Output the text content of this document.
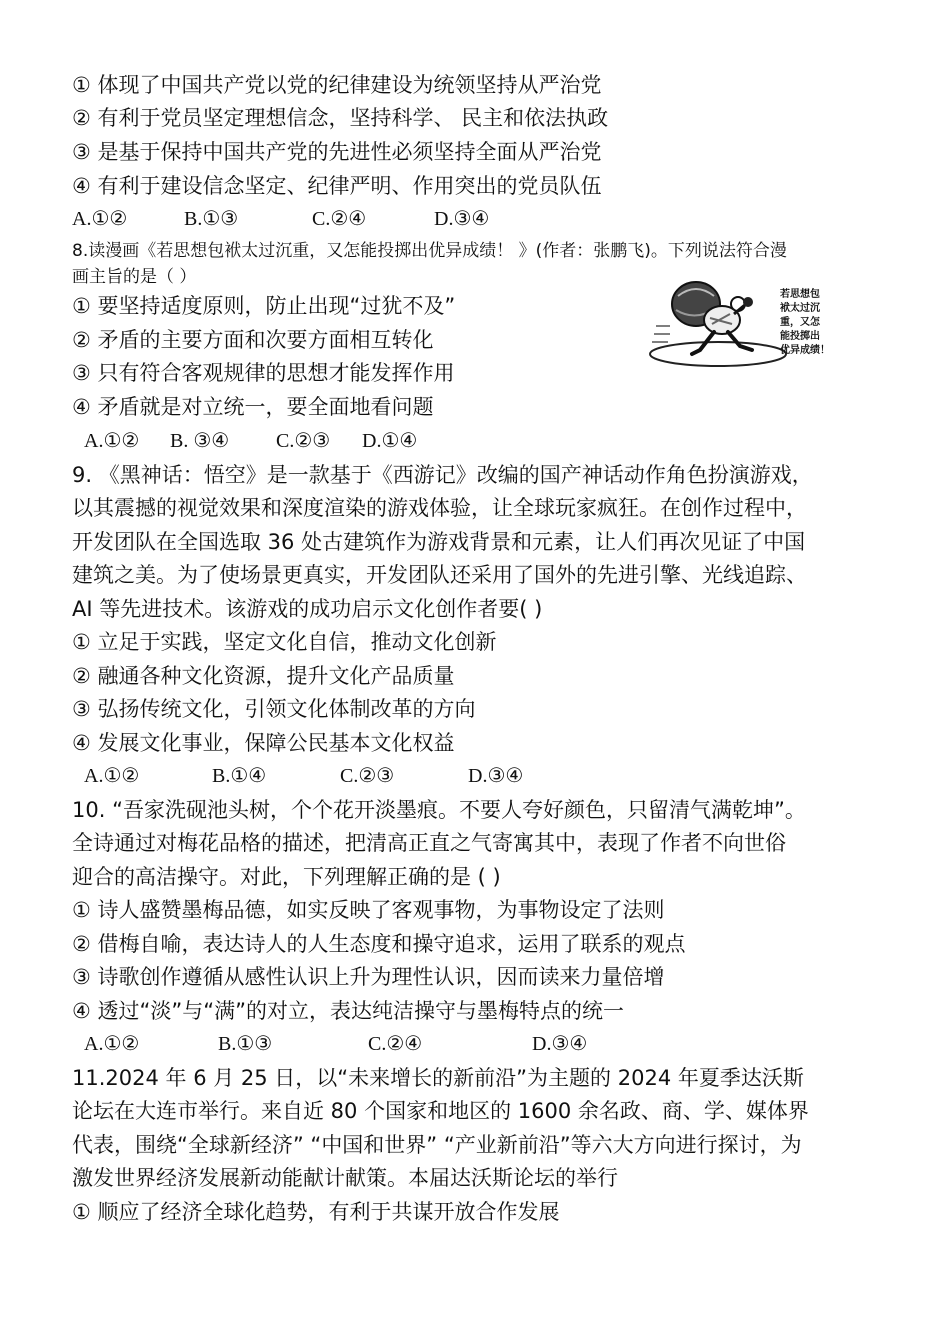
① 体现了中国共产党以党的纪律建设为统领坚持从严治党
② 有利于党员坚定理想信念，坚持科学、 民主和依法执政
③ 是基于保持中国共产党的先进性必须坚持全面从严治党
④ 有利于建设信念坚定、纪律严明、作用突出的党员队伍
A.①②	B.①③	C.②④	D.③④
8.读漫画《若思想包袱太过沉重，又怎能投掷出优异成绩！ 》(作者：张鹏飞)。下列说法符合漫
画主旨的是（ ）
① 要坚持适度原则，防止出现“过犹不及”
② 矛盾的主要方面和次要方面相互转化
③ 只有符合客观规律的思想才能发挥作用
④ 矛盾就是对立统一，要全面地看问题
A.①② B. ③④ C.②③ D.①④
若思想包
袱太过沉
重，又怎
能投掷出
优异成绩！
9. 《黑神话：悟空》是一款基于《西游记》改编的国产神话动作角色扮演游戏，
以其震撼的视觉效果和深度渲染的游戏体验，让全球玩家疯狂。在创作过程中，
开发团队在全国选取 36 处古建筑作为游戏背景和元素，让人们再次见证了中国
建筑之美。为了使场景更真实，开发团队还采用了国外的先进引擎、光线追踪、
AI 等先进技术。该游戏的成功启示文化创作者要( )
① 立足于实践，坚定文化自信，推动文化创新
② 融通各种文化资源，提升文化产品质量
③ 弘扬传统文化，引领文化体制改革的方向
④ 发展文化事业，保障公民基本文化权益
A.①②	B.①④	C.②③	D.③④
10. “吾家洗砚池头树，个个花开淡墨痕。不要人夸好颜色，只留清气满乾坤”。
全诗通过对梅花品格的描述，把清高正直之气寄寓其中，表现了作者不向世俗
迎合的高洁操守。对此，下列理解正确的是 ( )
① 诗人盛赞墨梅品德，如实反映了客观事物，为事物设定了法则
② 借梅自喻，表达诗人的人生态度和操守追求，运用了联系的观点
③ 诗歌创作遵循从感性认识上升为理性认识，因而读来力量倍增
④ 透过“淡”与“满”的对立，表达纯洁操守与墨梅特点的统一
A.①②	B.①③	C.②④	D.③④
11.2024 年 6 月 25 日，以“未来增长的新前沿”为主题的 2024 年夏季达沃斯
论坛在大连市举行。来自近 80 个国家和地区的 1600 余名政、商、学、媒体界
代表，围绕“全球新经济” “中国和世界” “产业新前沿”等六大方向进行探讨，为
激发世界经济发展新动能献计献策。本届达沃斯论坛的举行
① 顺应了经济全球化趋势，有利于共谋开放合作发展
